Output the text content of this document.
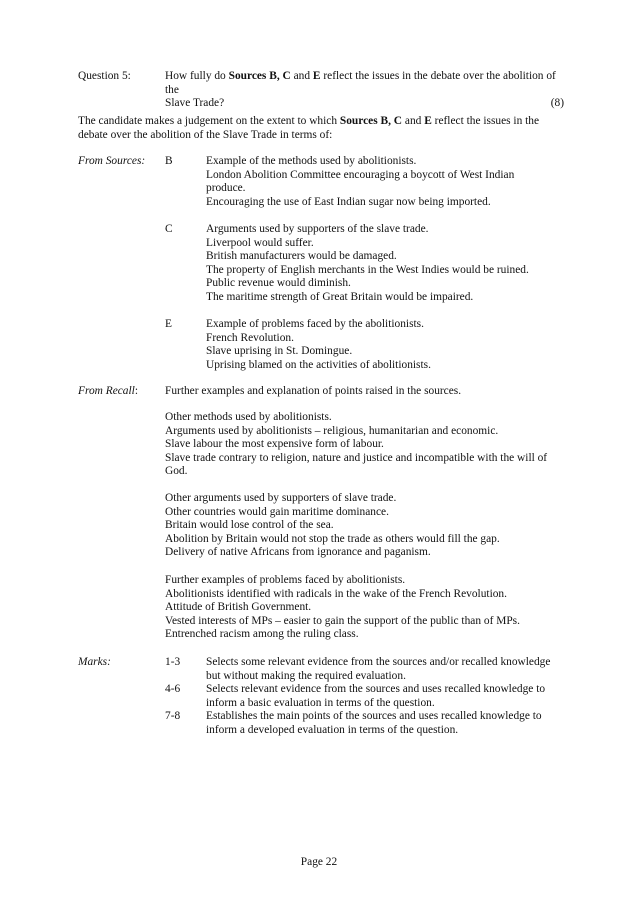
Question 5:	How fully do Sources B, C and E reflect the issues in the debate over the abolition of the
Slave Trade?	(8)

The candidate makes a judgement on the extent to which Sources B, C and E reflect the issues in the debate over the abolition of the Slave Trade in terms of:

From Sources: B	Example of the methods used by abolitionists.

London Abolition Committee encouraging a boycott of West Indian produce.

Encouraging the use of East Indian sugar now being imported.

C	Arguments used by supporters of the slave trade.

Liverpool would suffer.

British manufacturers would be damaged.

The property of English merchants in the West Indies would be ruined.

Public revenue would diminish.

The maritime strength of Great Britain would be impaired.

E	Example of problems faced by the abolitionists.

French Revolution.

Slave uprising in St. Domingue.

Uprising blamed on the activities of abolitionists.

From Recall: Further examples and explanation of points raised in the sources.

Other methods used by abolitionists.

Arguments used by abolitionists – religious, humanitarian and economic.

Slave labour the most expensive form of labour.

Slave trade contrary to religion, nature and justice and incompatible with the will of God.

Other arguments used by supporters of slave trade.

Other countries would gain maritime dominance.

Britain would lose control of the sea.

Abolition by Britain would not stop the trade as others would fill the gap.

Delivery of native Africans from ignorance and paganism.

Further examples of problems faced by abolitionists.

Abolitionists identified with radicals in the wake of the French Revolution.

Attitude of British Government.

Vested interests of MPs – easier to gain the support of the public than of MPs.

Entrenched racism among the ruling class.

Marks:	1-3 Selects some relevant evidence from the sources and/or recalled knowledge but without making the required evaluation.

4-6 Selects relevant evidence from the sources and uses recalled knowledge to inform a basic evaluation in terms of the question.

7-8 Establishes the main points of the sources and uses recalled knowledge to inform a developed evaluation in terms of the question.

Page 22
